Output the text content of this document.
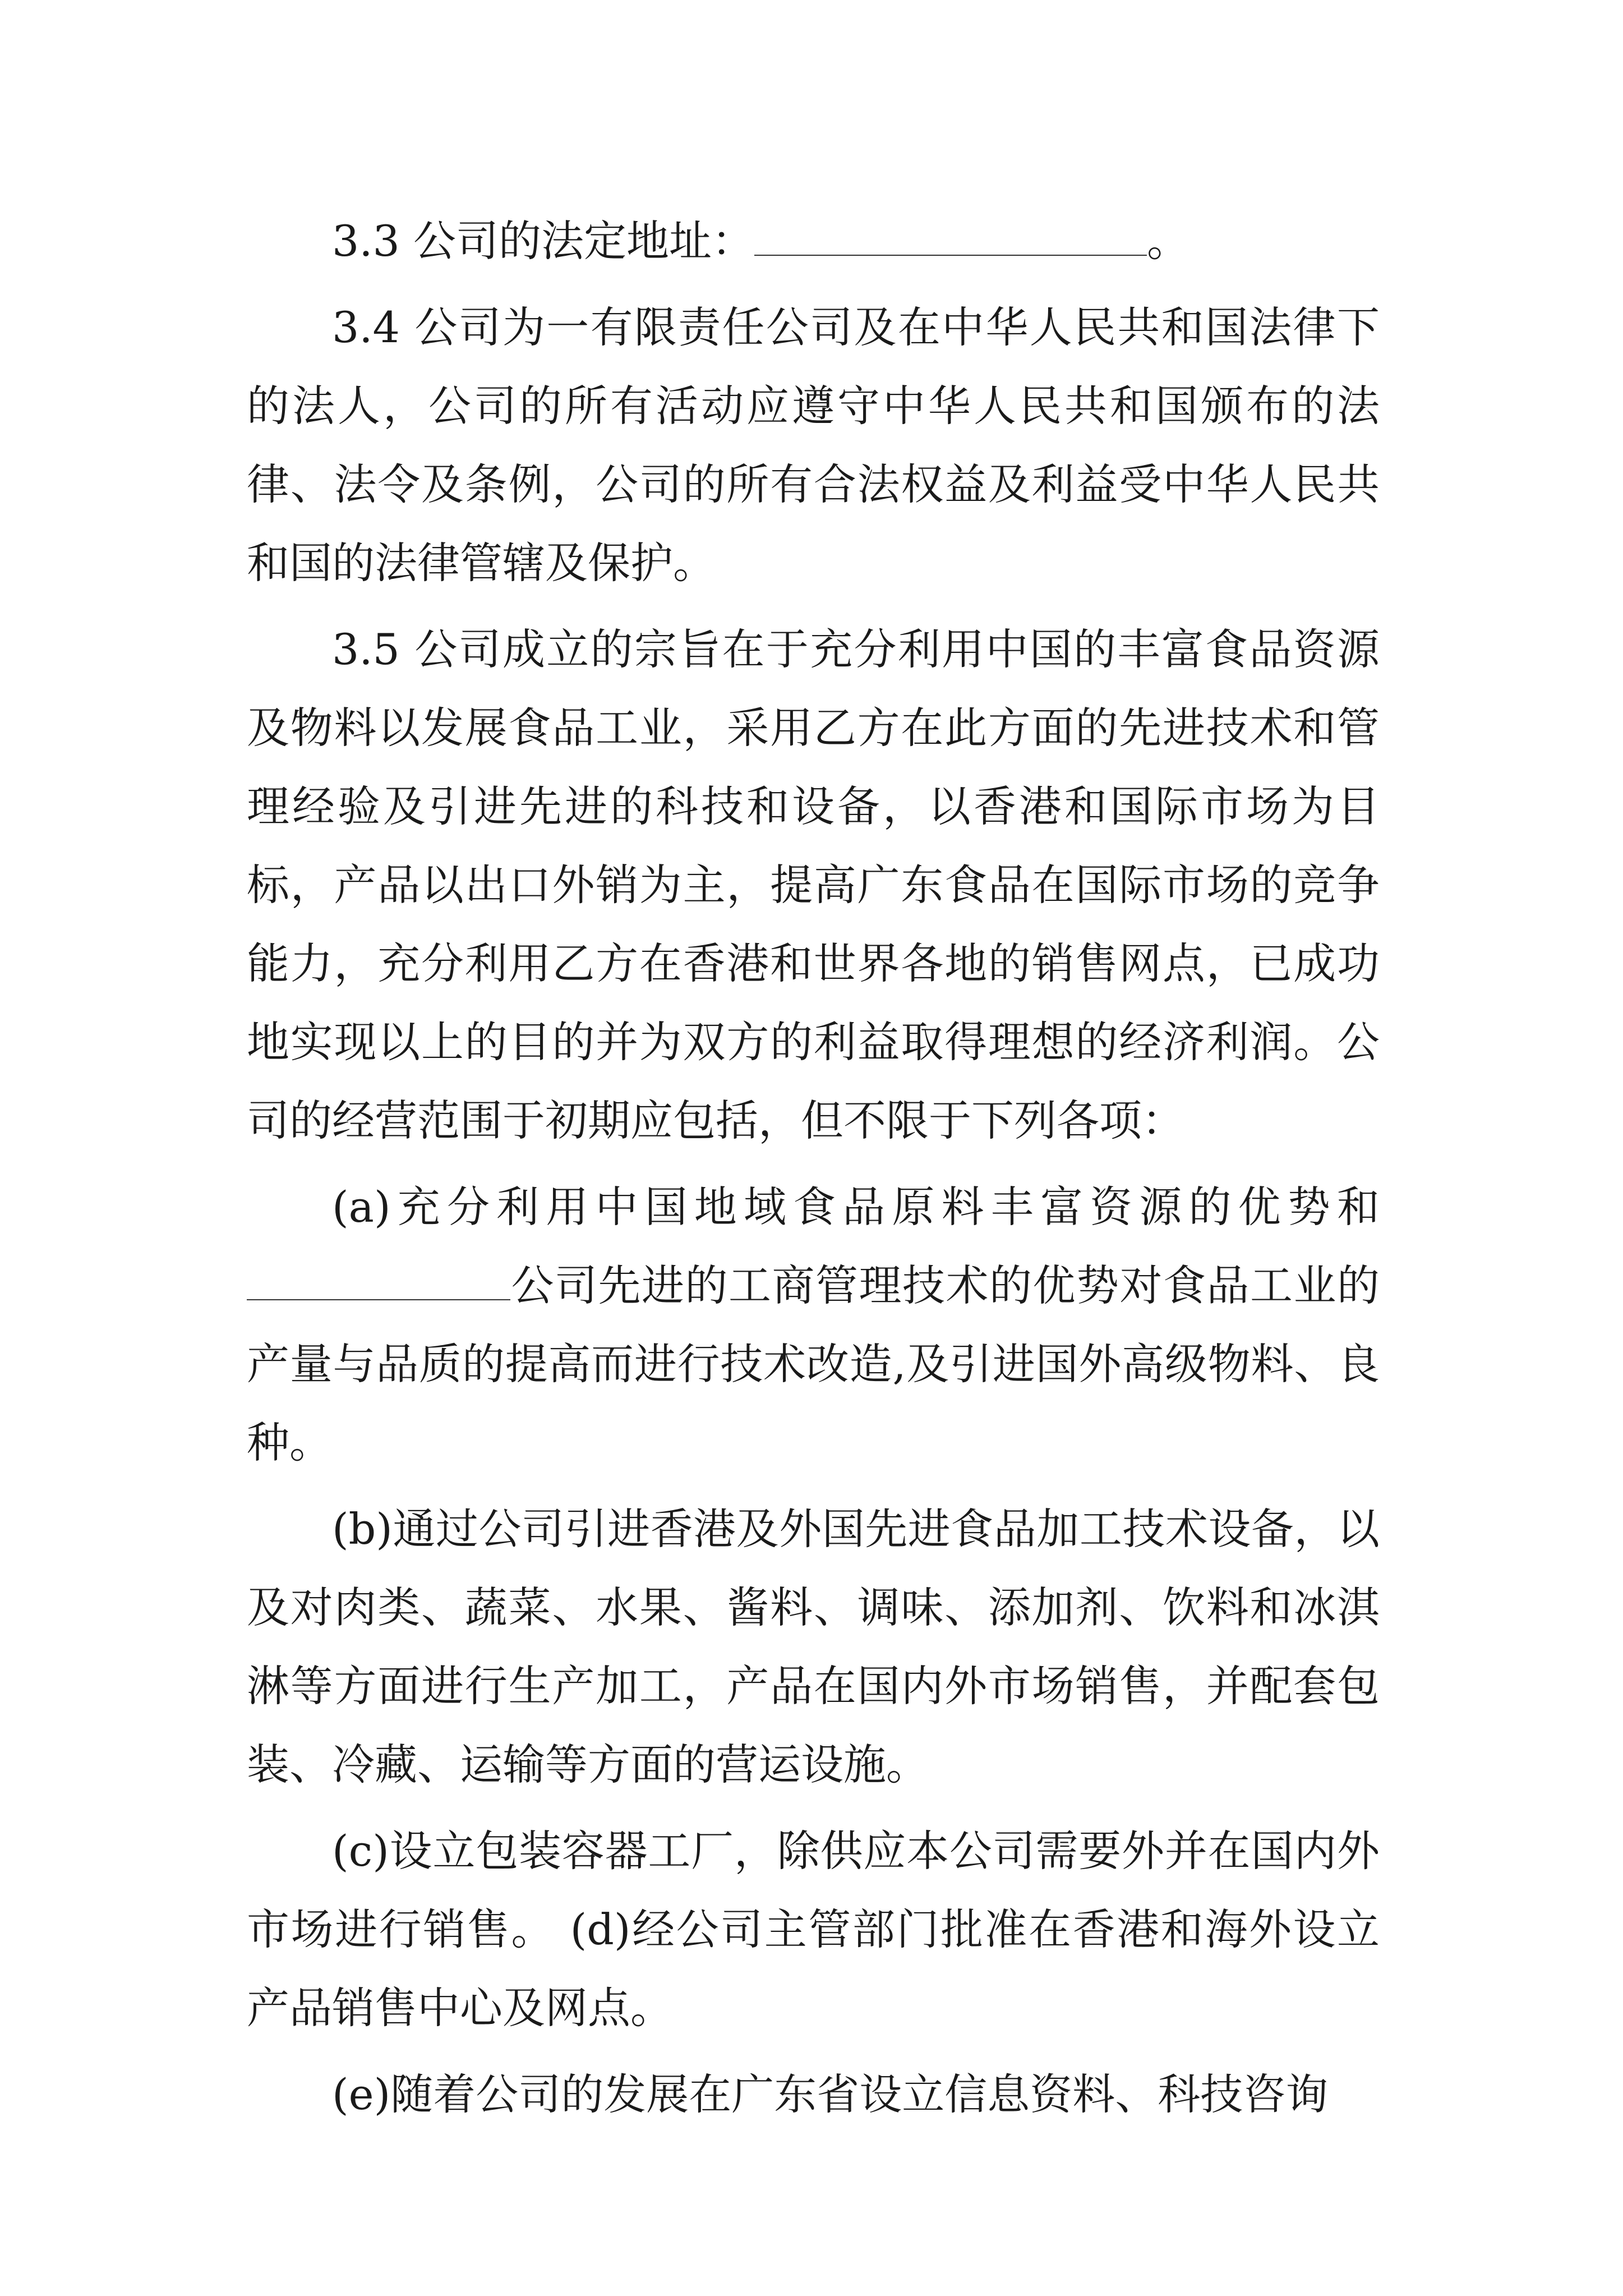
3.3 公司的法定地址：	。

3.4 公司为一有限责任公司及在中华人民共和国法律下的法人，公司的所有活动应遵守中华人民共和国颁布的法律、法令及条例，公司的所有合法权益及利益受中华人民共和国的法律管辖及保护。

3.5 公司成立的宗旨在于充分利用中国的丰富食品资源及物料以发展食品工业，采用乙方在此方面的先进技术和管理经验及引进先进的科技和设备，以香港和国际市场为目标，产品以出口外销为主，提高广东食品在国际市场的竞争能力，充分利用乙方在香港和世界各地的销售网点，已成功地实现以上的目的并为双方的利益取得理想的经济利润。公司的经营范围于初期应包括，但不限于下列各项：

(a)充分利用中国地域食品原料丰富资源的优势和公司先进的工商管理技术的优势对食品工业的产量与品质的提高而进行技术改造,及引进国外高级物料、良种。

(b)通过公司引进香港及外国先进食品加工技术设备，以及对肉类、蔬菜、水果、酱料、调味、添加剂、饮料和冰淇淋等方面进行生产加工，产品在国内外市场销售，并配套包装、冷藏、运输等方面的营运设施。

(c)设立包装容器工厂，除供应本公司需要外并在国内外市场进行销售。 (d)经公司主管部门批准在香港和海外设立产品销售中心及网点。

(e)随着公司的发展在广东省设立信息资料、科技咨询
